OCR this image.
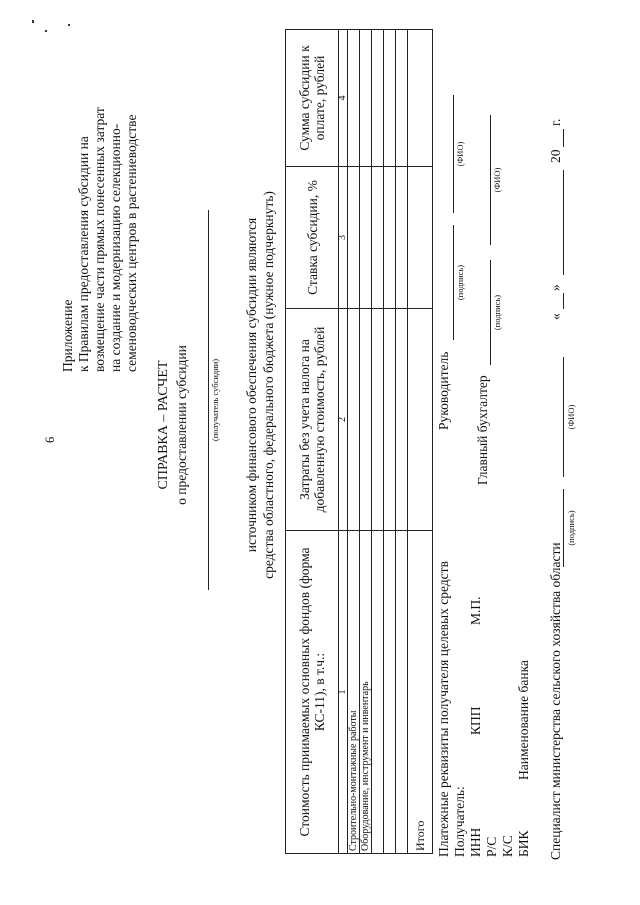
6
Приложение к Правилам предоставления субсидии на возмещение части прямых понесенных затрат на создание и модернизацию селекционно- семеноводческих центров в растениеводстве
СПРАВКА – РАСЧЕТ о предоставлении субсидии (получатель субсидии) источником финансового обеспечения субсидии являются средства областного, федерального бюджета (нужное подчеркнуть)
Стоимость приимаемых основных фондов (форма КС-11), в т.ч.:	Затраты без учета налога на добавленную стоимость, рублей	Ставка субсидии, %	Сумма субсидии к оплате, рублей
1	2	3	4
Строительно-монтажные работы			
Оборудование, инструмент и инвентарь			

Итого			
Руководитель
(подпись)
(ФИО)
Главный бухгалтер
(подпись)
(ФИО)
Платежные реквизиты получателя целевых средств Получатель: ИНН
КПП
М.П.
Р/С К/С БИК
Наименование банка Специалист министерства сельского хозяйства области
(подпись)
(ФИО)
«
»
20
г.
